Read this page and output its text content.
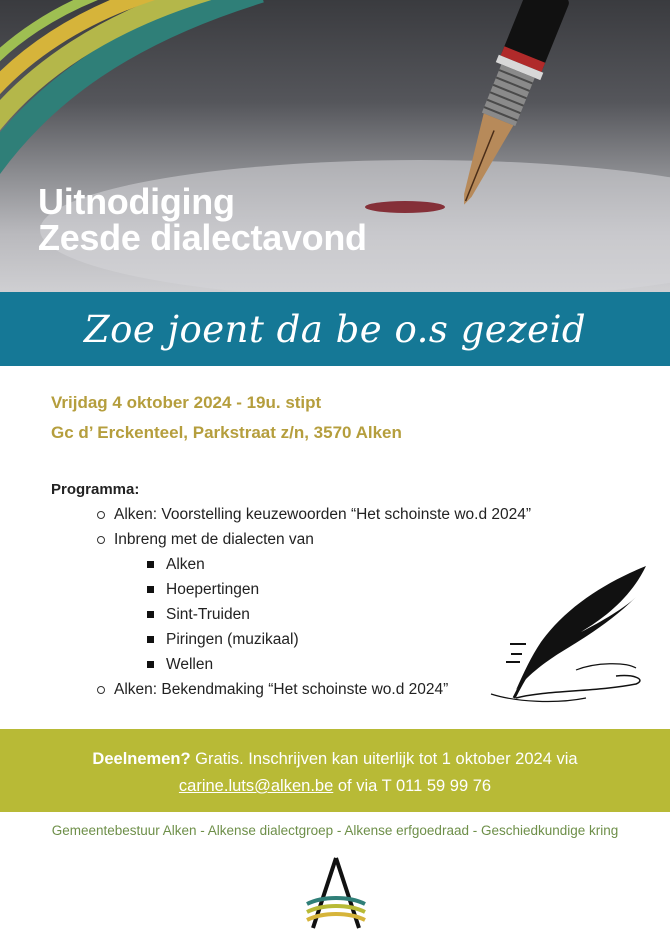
Uitnodiging
Zesde dialectavond
Zoe joent da be o.s gezeid
Vrijdag 4 oktober 2024 - 19u. stipt
Gc d’ Erckenteel, Parkstraat z/n, 3570 Alken
Programma:
Alken: Voorstelling keuzewoorden “Het schoinste wo.d 2024”
Inbreng met de dialecten van
Alken
Hoepertingen
Sint-Truiden
Piringen (muzikaal)
Wellen
Alken: Bekendmaking “Het schoinste wo.d 2024”
Deelnemen? Gratis. Inschrijven kan uiterlijk tot 1 oktober 2024 via
carine.luts@alken.be of via T 011 59 99 76
Gemeentebestuur Alken - Alkense dialectgroep - Alkense erfgoedraad - Geschiedkundige kring
